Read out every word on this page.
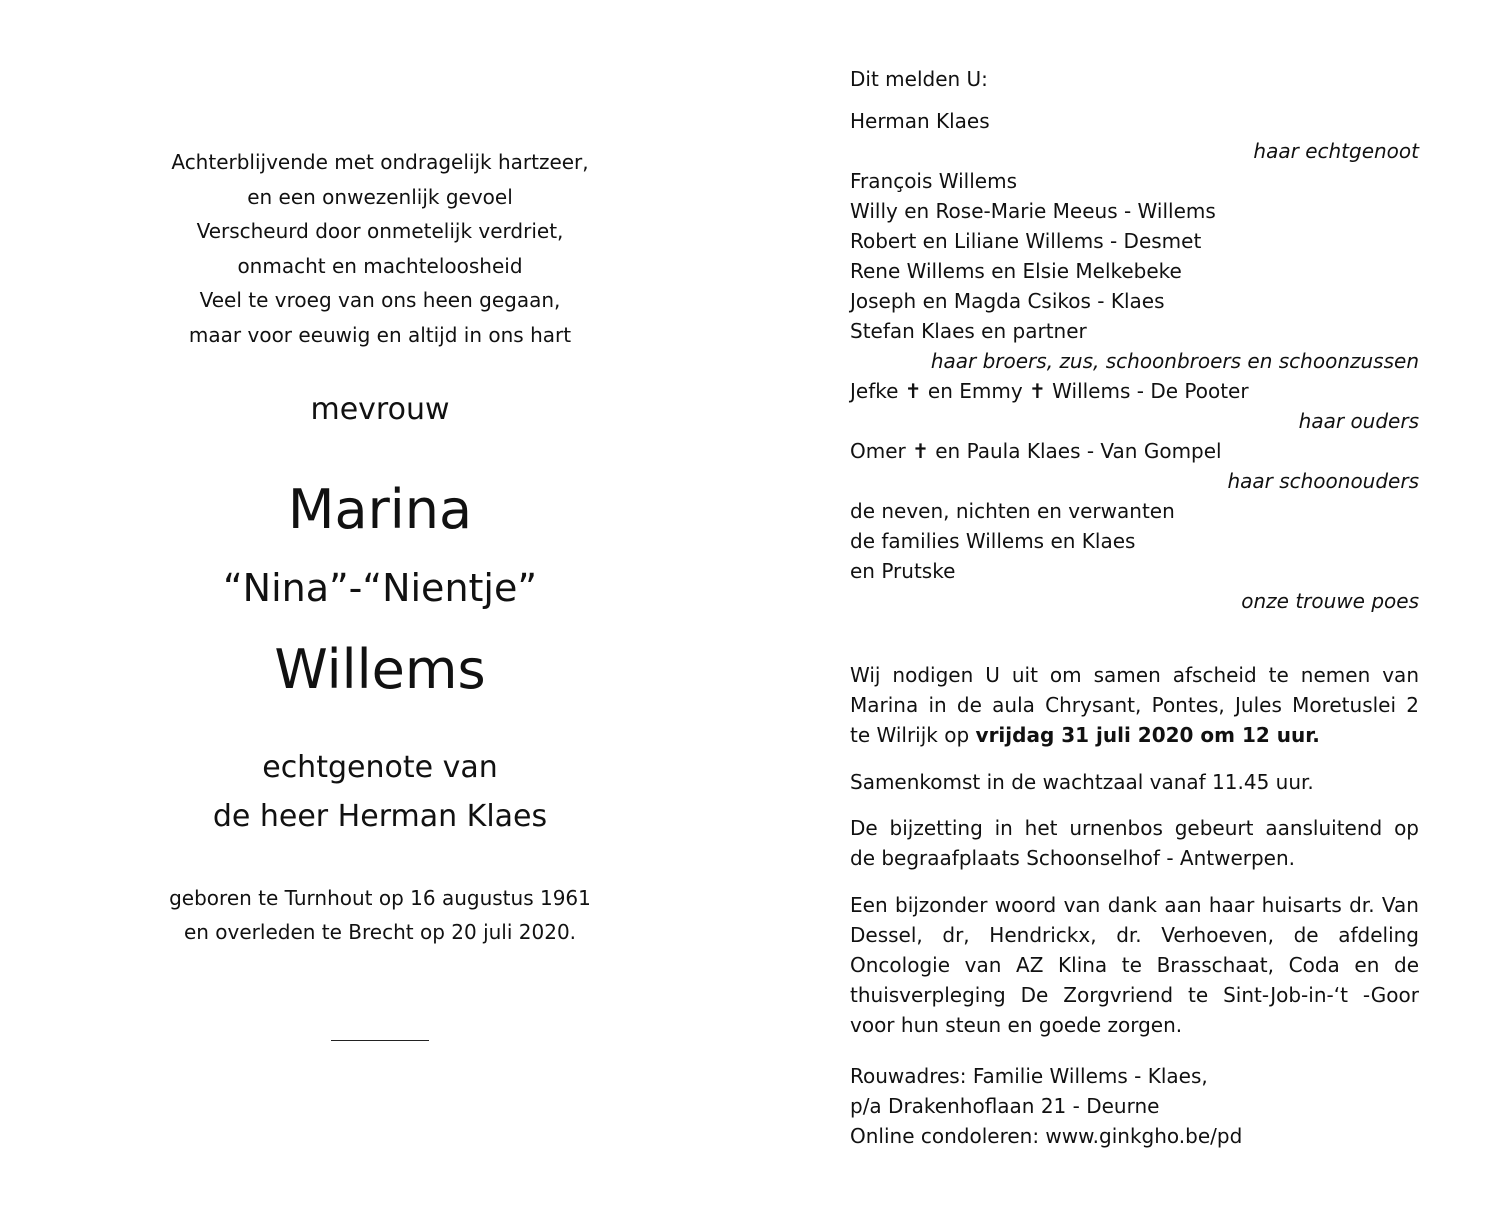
Achterblijvende met ondragelijk hartzeer,
en een onwezenlijk gevoel
Verscheurd door onmetelijk verdriet,
onmacht en machteloosheid
Veel te vroeg van ons heen gegaan,
maar voor eeuwig en altijd in ons hart
mevrouw
Marina
“Nina”-“Nientje”
Willems
echtgenote van
de heer Herman Klaes
geboren te Turnhout op 16 augustus 1961
en overleden te Brecht op 20 juli 2020.
Dit melden U:
Herman Klaes
haar echtgenoot
François Willems
Willy en Rose-Marie Meeus - Willems
Robert en Liliane Willems - Desmet
Rene Willems en Elsie Melkebeke
Joseph en Magda Csikos - Klaes
Stefan Klaes en partner
haar broers, zus, schoonbroers en schoonzussen
Jefke ✝ en Emmy ✝ Willems - De Pooter
haar ouders
Omer ✝ en Paula Klaes - Van Gompel
haar schoonouders
de neven, nichten en verwanten
de families Willems en Klaes
en Prutske
onze trouwe poes
Wij nodigen U uit om samen afscheid te nemen van
Marina in de aula Chrysant, Pontes, Jules Moretuslei 2
te Wilrijk op vrijdag 31 juli 2020 om 12 uur.
Samenkomst in de wachtzaal vanaf 11.45 uur.
De bijzetting in het urnenbos gebeurt aansluitend op
de begraafplaats Schoonselhof - Antwerpen.
Een bijzonder woord van dank aan haar huisarts dr. Van
Dessel, dr, Hendrickx, dr. Verhoeven, de afdeling
Oncologie van AZ Klina te Brasschaat, Coda en de
thuisverpleging De Zorgvriend te Sint-Job-in-‘t -Goor
voor hun steun en goede zorgen.
Rouwadres: Familie Willems - Klaes,
p/a Drakenhoflaan 21 - Deurne
Online condoleren: www.ginkgho.be/pd
